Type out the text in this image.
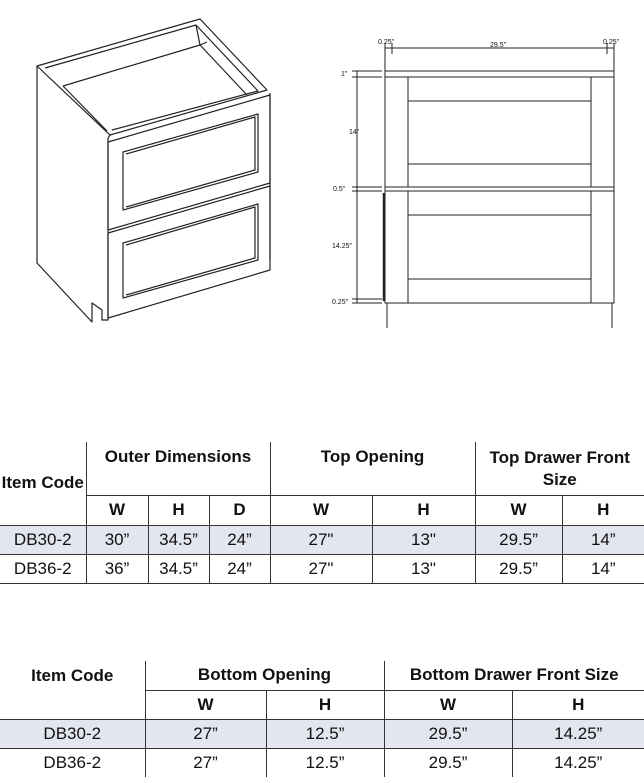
0.25"	29.5"	0.25"
1"
14"
0.5"
14.25"
0.25"
Item Code	Outer Dimensions			Top Opening		Top Drawer Front Size	
	W	H	D	W	H	W	H
DB30-2	30”	34.5”	24”	27"	13"	29.5”	14”
DB36-2	36”	34.5”	24”	27"	13"	29.5”	14”
Item Code	Bottom Opening		Bottom Drawer Front Size	
	W	H	W	H
DB30-2	27”	12.5”	29.5”	14.25”
DB36-2	27”	12.5”	29.5”	14.25”
